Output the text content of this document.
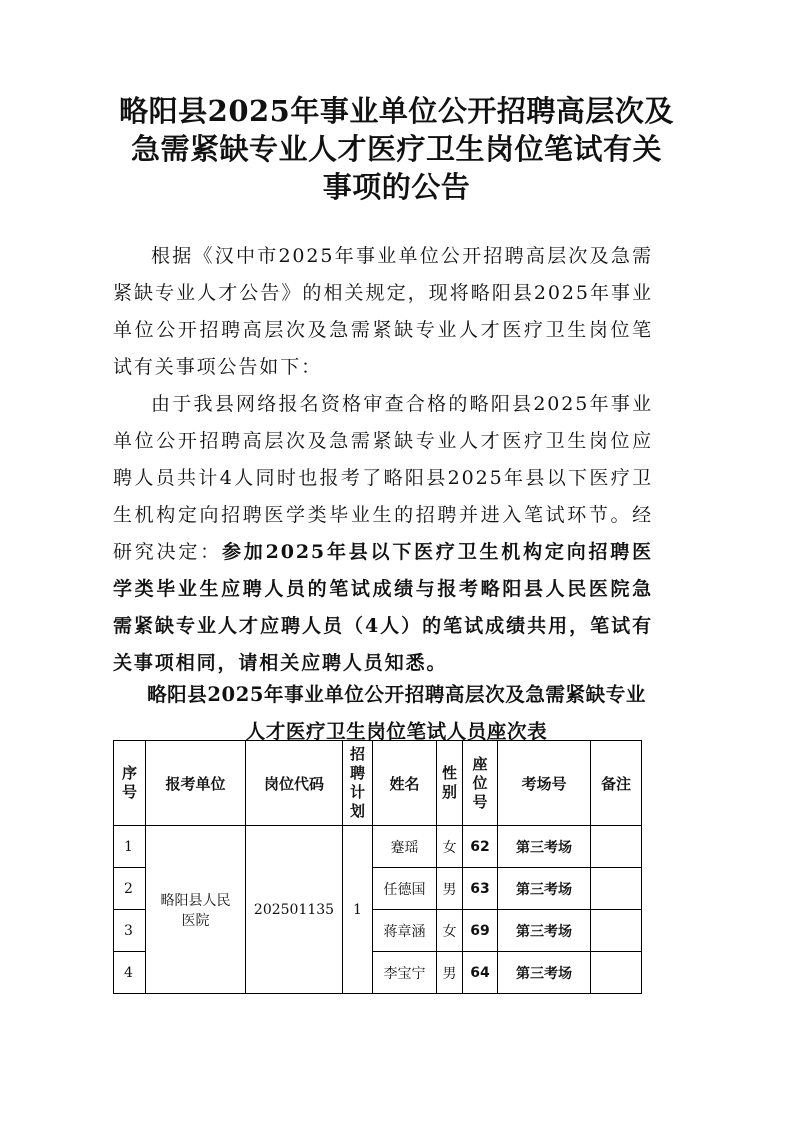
略阳县2025年事业单位公开招聘高层次及
急需紧缺专业人才医疗卫生岗位笔试有关
事项的公告

根据《汉中市2025年事业单位公开招聘高层次及急需紧缺专业人才公告》的相关规定，现将略阳县2025年事业单位公开招聘高层次及急需紧缺专业人才医疗卫生岗位笔试有关事项公告如下：

由于我县网络报名资格审查合格的略阳县2025年事业单位公开招聘高层次及急需紧缺专业人才医疗卫生岗位应聘人员共计4人同时也报考了略阳县2025年县以下医疗卫生机构定向招聘医学类毕业生的招聘并进入笔试环节。经研究决定：参加2025年县以下医疗卫生机构定向招聘医学类毕业生应聘人员的笔试成绩与报考略阳县人民医院急需紧缺专业人才应聘人员（4人）的笔试成绩共用，笔试有关事项相同，请相关应聘人员知悉。

略阳县2025年事业单位公开招聘高层次及急需紧缺专业
人才医疗卫生岗位笔试人员座次表
序号	报考单位	岗位代码	招聘计划	姓名	性别	座位号	考场号	备注
1	略阳县人民医院	202501135	1	蹇瑶	女	62	第三考场	
2				任德国	男	63	第三考场	
3				蒋章涵	女	69	第三考场	
4				李宝宁	男	64	第三考场	
